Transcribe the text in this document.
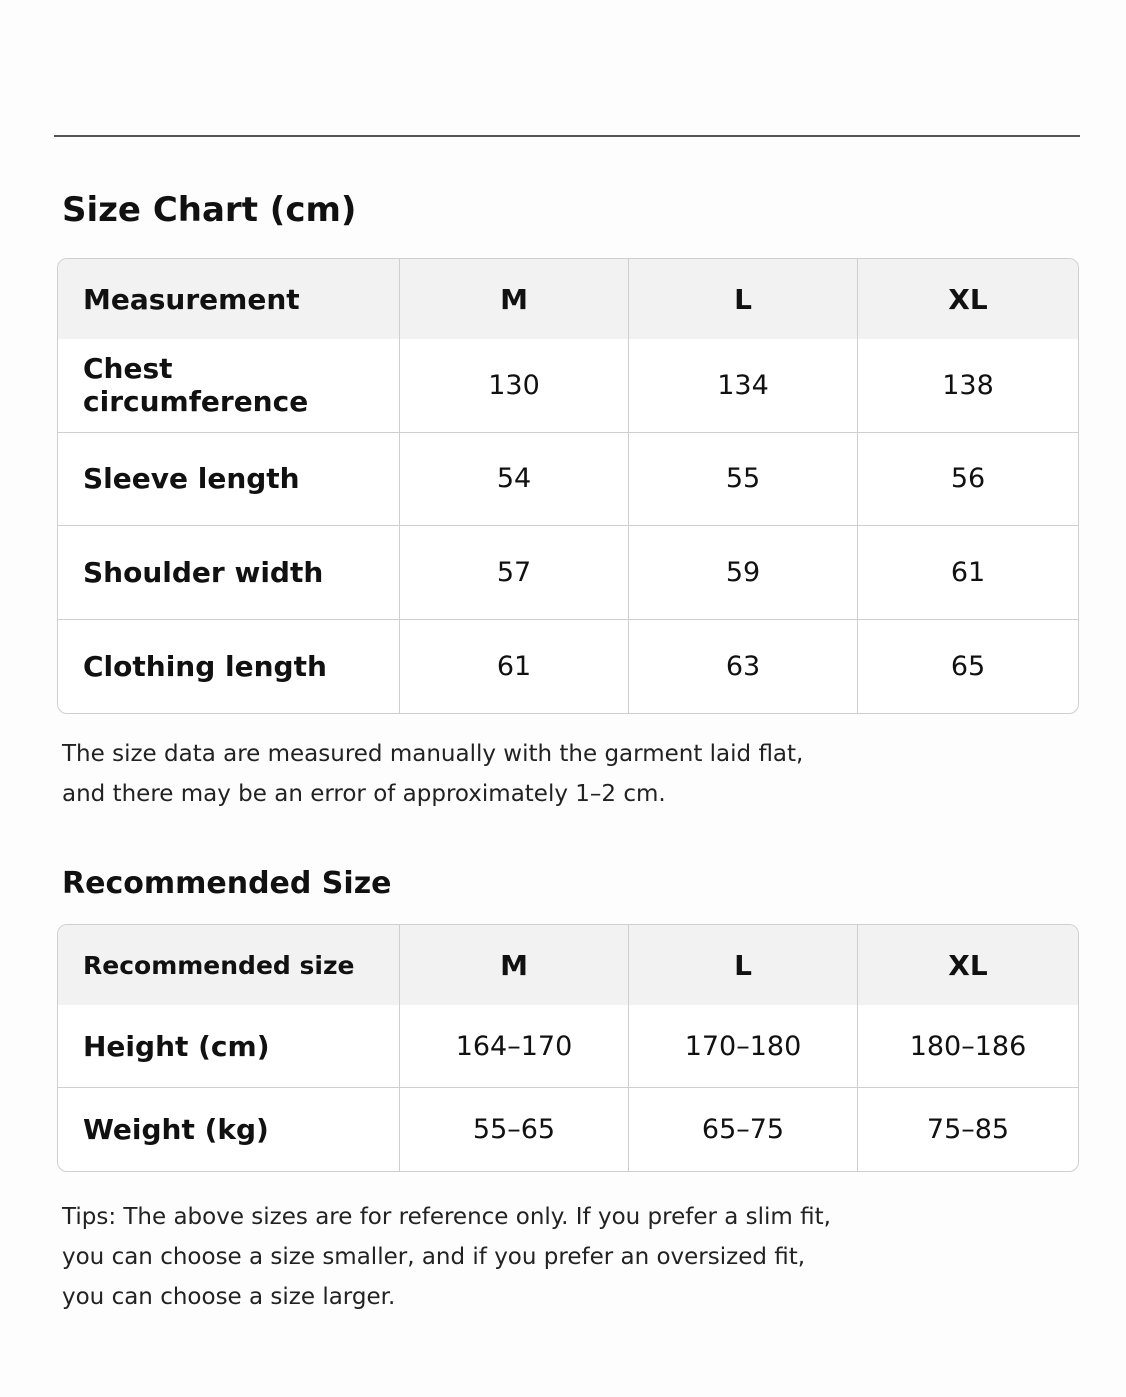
Size Chart (cm)
Measurement	M	L	XL
Chest circumference	130	134	138
Sleeve length	54	55	56
Shoulder width	57	59	61
Clothing length	61	63	65

The size data are measured manually with the garment laid flat,
and there may be an error of approximately 1–2 cm.

Recommended Size
Recommended size	M	L	XL
Height (cm)	164–170	170–180	180–186
Weight (kg)	55–65	65–75	75–85

Tips: The above sizes are for reference only. If you prefer a slim fit,
you can choose a size smaller, and if you prefer an oversized fit,
you can choose a size larger.
